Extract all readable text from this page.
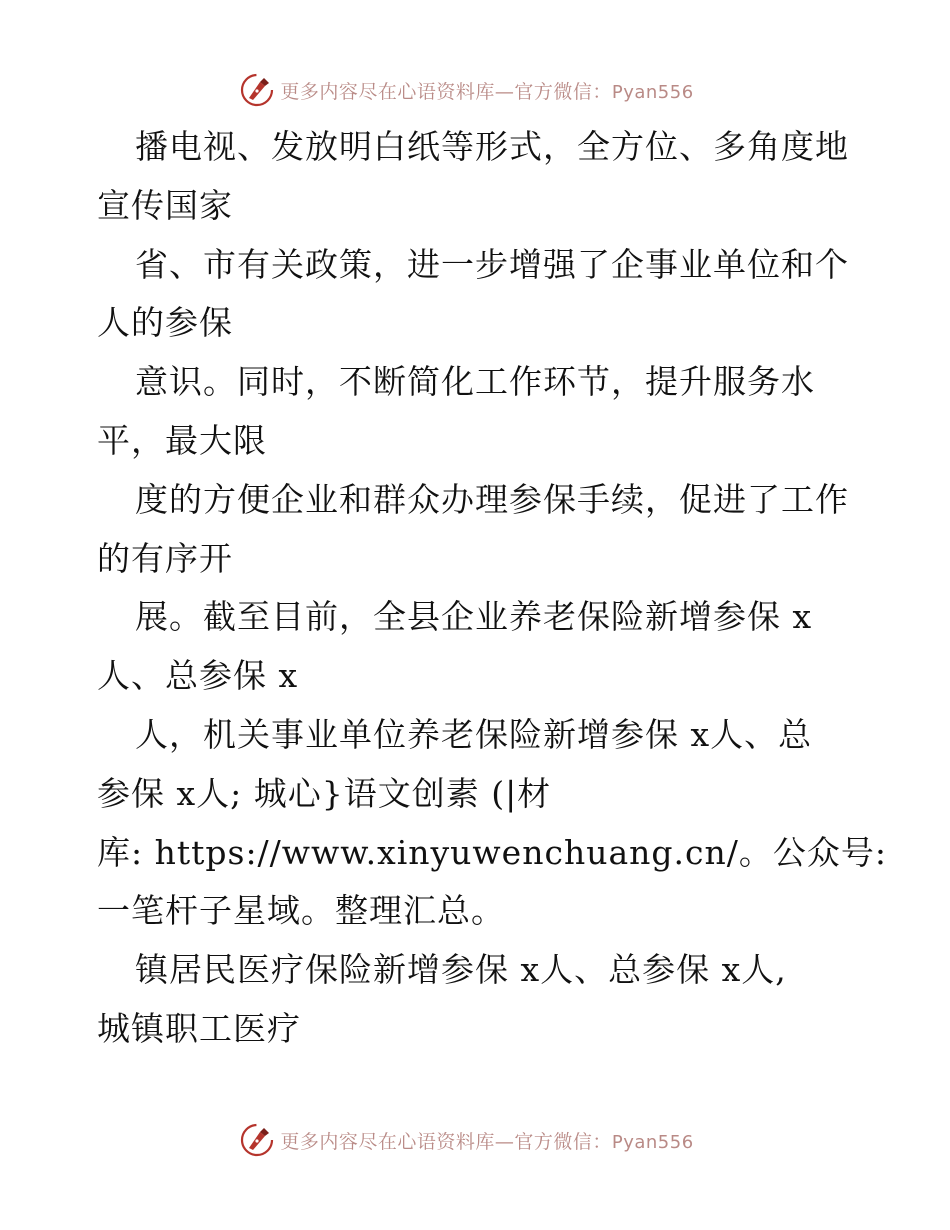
更多内容尽在心语资料库—官方微信：Pyan556
播电视、发放明白纸等形式，全方位、多角度地
宣传国家
省、市有关政策，进一步增强了企事业单位和个
人的参保
意识。同时，不断简化工作环节，提升服务水
平，最大限
度的方便企业和群众办理参保手续，促进了工作
的有序开
展。截至目前，全县企业养老保险新增参保 x
人、总参保 x
人，机关事业单位养老保险新增参保 x人、总
参保 x人; 城心}语文创素 (|材
库: https://www.xinyuwenchuang.cn/。公众号:
一笔杆子星域。整理汇总。
镇居民医疗保险新增参保 x人、总参保 x人,
城镇职工医疗
更多内容尽在心语资料库—官方微信：Pyan556
